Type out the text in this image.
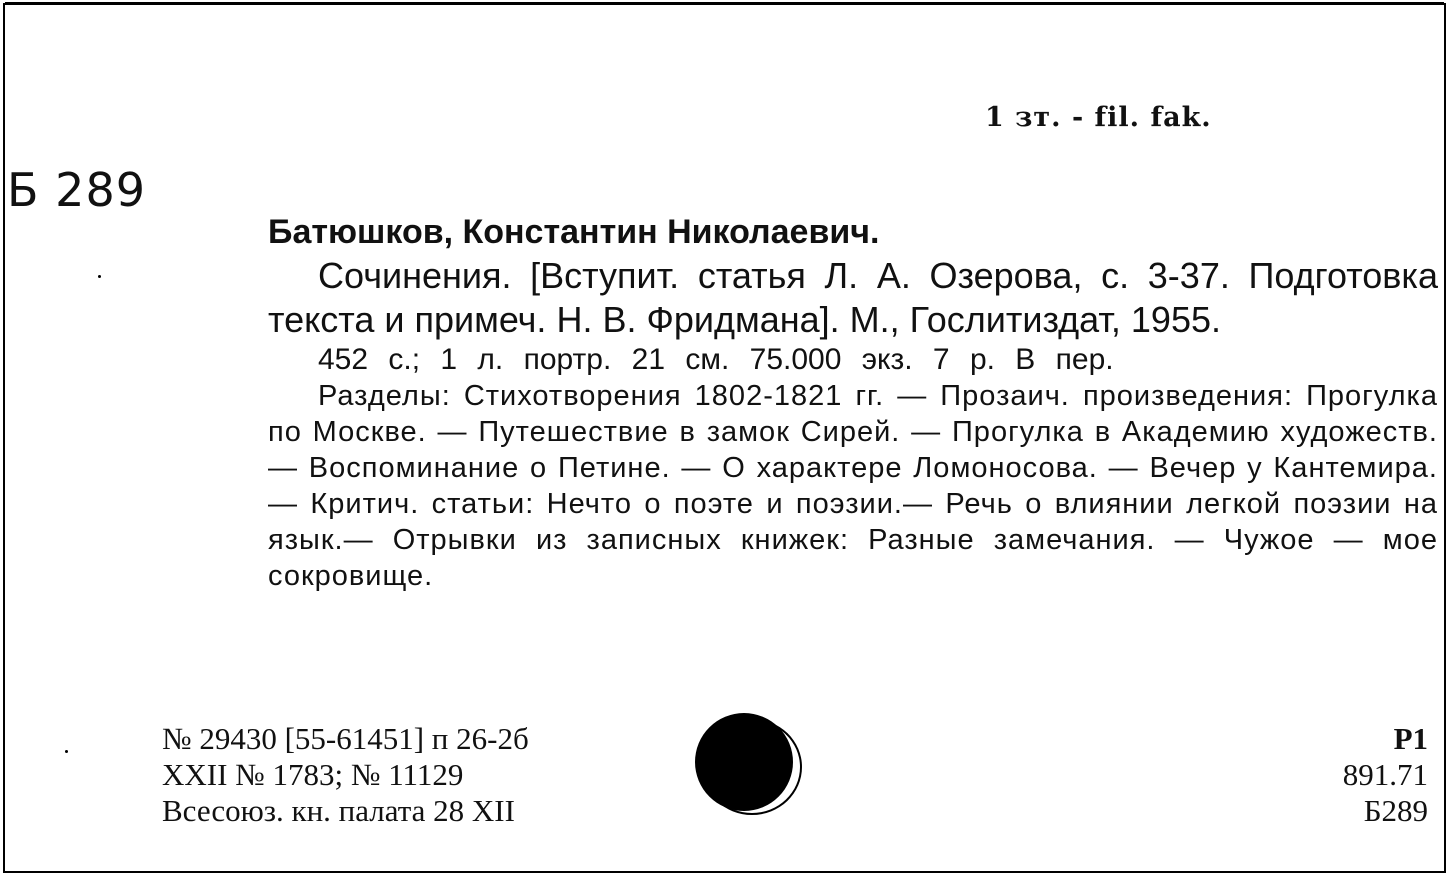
Б 289
1 зт. - fil. fak.

Батюшков, Константин Николаевич.

Сочинения. [Вступит. статья Л. А. Озерова, с. 3-37. Подготовка текста и примеч. Н. В. Фридмана]. М., Гослитиздат, 1955.

452 с.; 1 л. портр. 21 см. 75.000 экз. 7 р. В пер.

Разделы: Стихотворения 1802-1821 гг. — Прозаич. произведения: Прогулка по Москве. — Путешествие в замок Сирей. — Прогулка в Академию художеств. — Воспоминание о Петине. — О характере Ломоносова. — Вечер у Кантемира. — Критич. статьи: Нечто о поэте и поэзии.— Речь о влиянии легкой поэзии на язык.— Отрывки из записных книжек: Разные замечания. — Чужое — мое сокровище.

№ 29430 [55-61451] п 26-2б
XXII № 1783; № 11129
Всесоюз. кн. палата 28 XII
Р1
891.71
Б289
